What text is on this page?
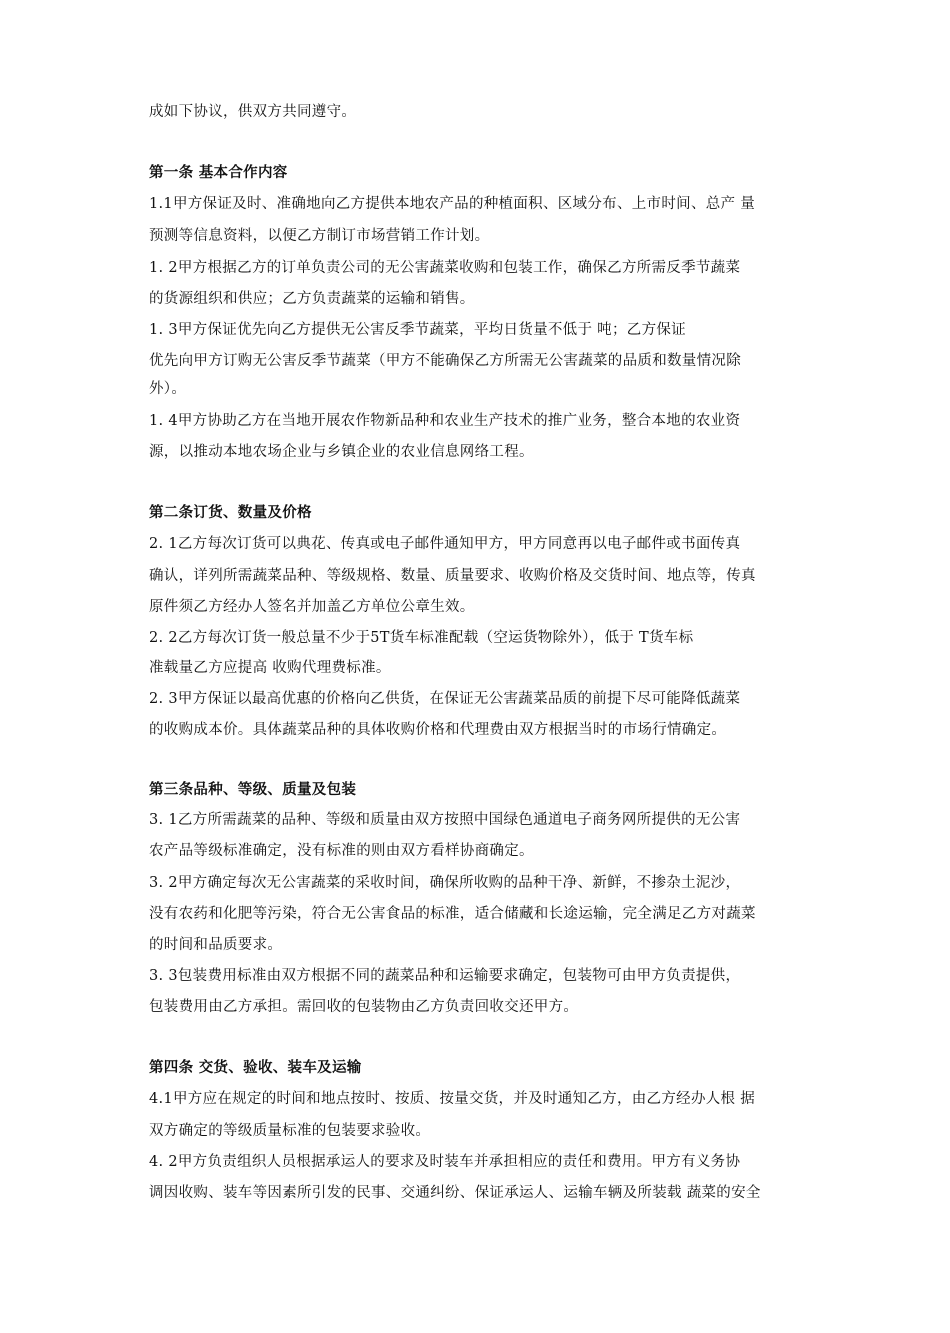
成如下协议，供双方共同遵守。
第一条 基本合作内容
1.1甲方保证及时、准确地向乙方提供本地农产品的种植面积、区域分布、上市时间、总产 量
预测等信息资料，以便乙方制订市场营销工作计划。
1. 2甲方根据乙方的订单负责公司的无公害蔬菜收购和包装工作，确保乙方所需反季节蔬菜
的货源组织和供应；乙方负责蔬菜的运输和销售。
1. 3甲方保证优先向乙方提供无公害反季节蔬菜，平均日货量不低于 吨；乙方保证
优先向甲方订购无公害反季节蔬菜（甲方不能确保乙方所需无公害蔬菜的品质和数量情况除
外）。
1. 4甲方协助乙方在当地开展农作物新品种和农业生产技术的推广业务，整合本地的农业资
源，以推动本地农场企业与乡镇企业的农业信息网络工程。
第二条订货、数量及价格
2. 1乙方每次订货可以典花、传真或电子邮件通知甲方，甲方同意再以电子邮件或书面传真
确认，详列所需蔬菜品种、等级规格、数量、质量要求、收购价格及交货时间、地点等，传真
原件须乙方经办人签名并加盖乙方单位公章生效。
2. 2乙方每次订货一般总量不少于5T货车标准配载（空运货物除外），低于 T货车标
准载量乙方应提高 收购代理费标准。
2. 3甲方保证以最高优惠的价格向乙供货，在保证无公害蔬菜品质的前提下尽可能降低蔬菜
的收购成本价。具体蔬菜品种的具体收购价格和代理费由双方根据当时的市场行情确定。
第三条品种、等级、质量及包装
3. 1乙方所需蔬菜的品种、等级和质量由双方按照中国绿色通道电子商务网所提供的无公害
农产品等级标准确定，没有标准的则由双方看样协商确定。
3. 2甲方确定每次无公害蔬菜的采收时间，确保所收购的品种干净、新鲜，不掺杂土泥沙，
没有农药和化肥等污染，符合无公害食品的标准，适合储藏和长途运输，完全满足乙方对蔬菜
的时间和品质要求。
3. 3包装费用标准由双方根据不同的蔬菜品种和运输要求确定，包装物可由甲方负责提供，
包装费用由乙方承担。需回收的包装物由乙方负责回收交还甲方。
第四条 交货、验收、装车及运输
4.1甲方应在规定的时间和地点按时、按质、按量交货，并及时通知乙方，由乙方经办人根 据
双方确定的等级质量标准的包装要求验收。
4. 2甲方负责组织人员根据承运人的要求及时装车并承担相应的责任和费用。甲方有义务协
调因收购、装车等因素所引发的民事、交通纠纷、保证承运人、运输车辆及所装载 蔬菜的安全
